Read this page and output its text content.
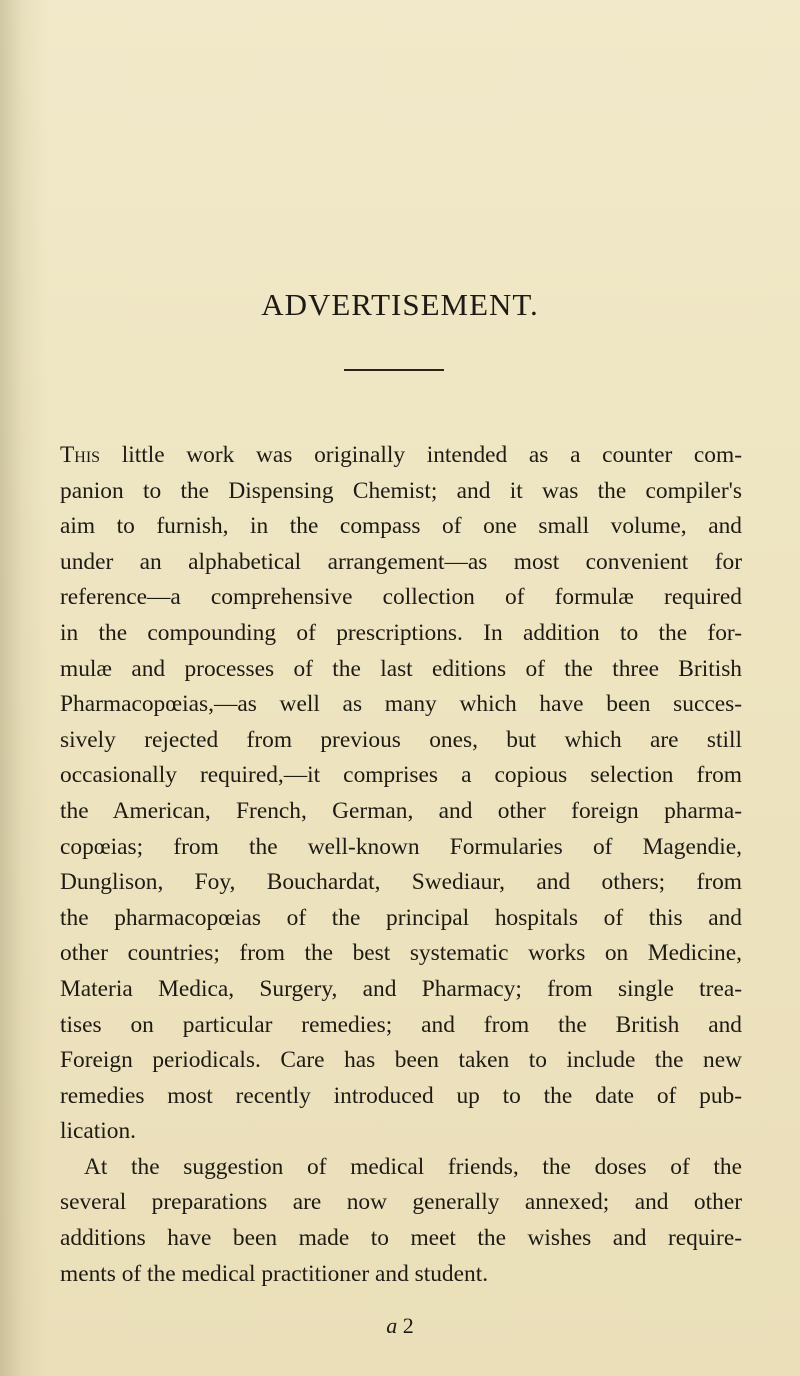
ADVERTISEMENT.

This little work was originally intended as a counter com-
panion to the Dispensing Chemist; and it was the compiler's
aim to furnish, in the compass of one small volume, and
under an alphabetical arrangement—as most convenient for
reference—a comprehensive collection of formulæ required
in the compounding of prescriptions. In addition to the for-
mulæ and processes of the last editions of the three British
Pharmacopœias,—as well as many which have been succes-
sively rejected from previous ones, but which are still
occasionally required,—it comprises a copious selection from
the American, French, German, and other foreign pharma-
copœias; from the well-known Formularies of Magendie,
Dunglison, Foy, Bouchardat, Swediaur, and others; from
the pharmacopœias of the principal hospitals of this and
other countries; from the best systematic works on Medicine,
Materia Medica, Surgery, and Pharmacy; from single trea-
tises on particular remedies; and from the British and
Foreign periodicals. Care has been taken to include the new
remedies most recently introduced up to the date of pub-
lication.

At the suggestion of medical friends, the doses of the
several preparations are now generally annexed; and other
additions have been made to meet the wishes and require-
ments of the medical practitioner and student.

a 2
